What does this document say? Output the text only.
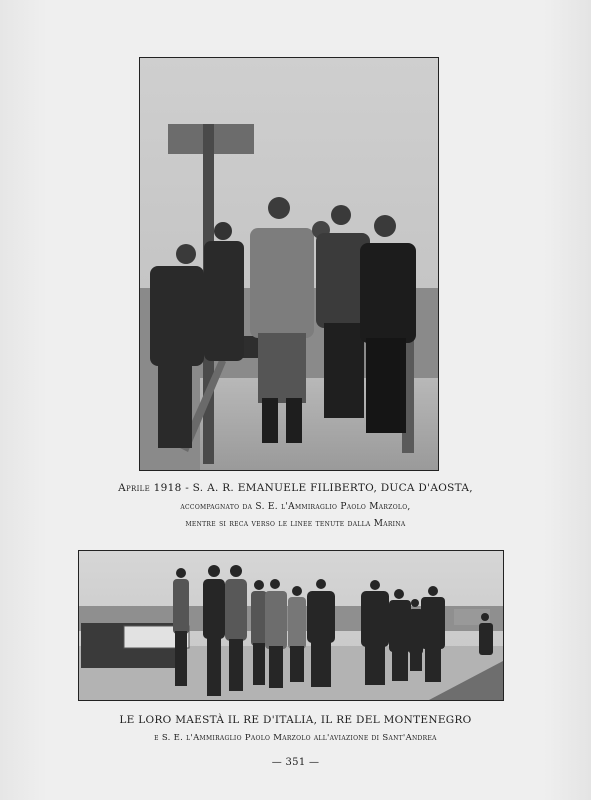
Aprile 1918 - S. A. R. EMANUELE FILIBERTO, DUCA D'AOSTA,
accompagnato da S. E. l'Ammiraglio Paolo Marzolo,
mentre si reca verso le linee tenute dalla Marina
LE LORO MAESTÀ IL RE D'ITALIA, IL RE DEL MONTENEGRO
e S. E. l'Ammiraglio Paolo Marzolo all'aviazione di Sant'Andrea
— 351 —
